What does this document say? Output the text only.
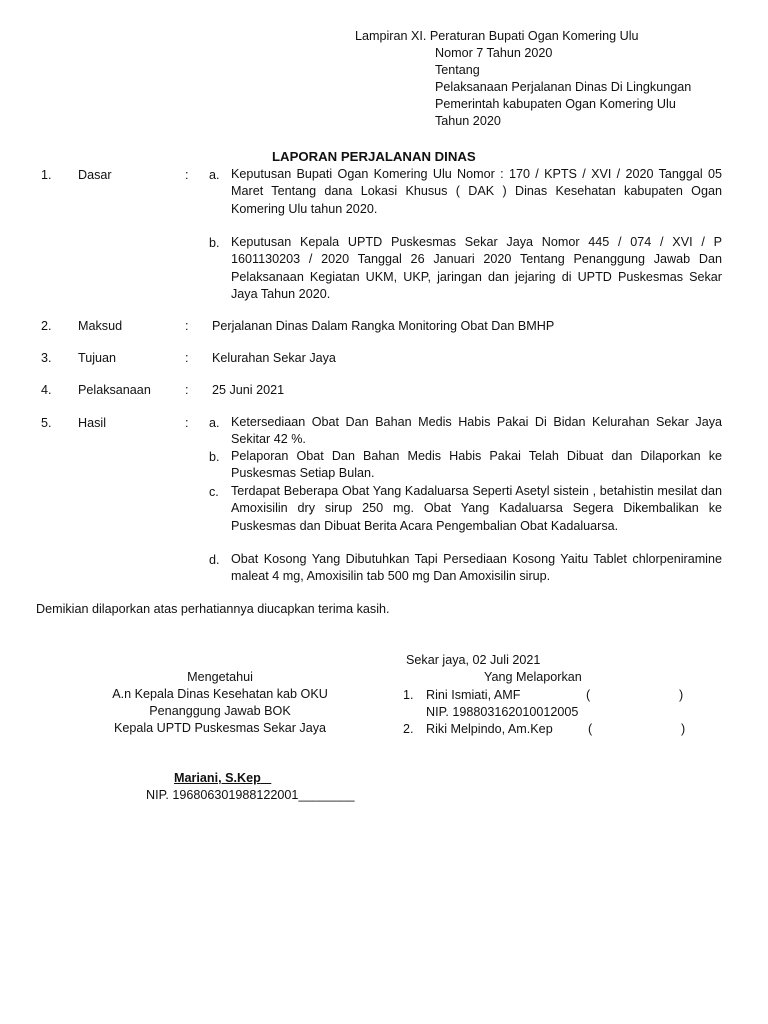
Lampiran XI. Peraturan Bupati Ogan Komering Ulu
Nomor 7 Tahun 2020
Tentang
Pelaksanaan Perjalanan Dinas Di Lingkungan
Pemerintah kabupaten Ogan Komering Ulu
Tahun 2020
LAPORAN PERJALANAN DINAS
1. Dasar	: a. Keputusan Bupati Ogan Komering Ulu Nomor : 170 / KPTS / XVI / 2020 Tanggal 05 Maret Tentang dana Lokasi Khusus ( DAK ) Dinas Kesehatan kabupaten Ogan Komering Ulu tahun 2020.
b. Keputusan Kepala UPTD Puskesmas Sekar Jaya Nomor 445 / 074 / XVI / P 1601130203 / 2020 Tanggal 26 Januari 2020 Tentang Penanggung Jawab Dan Pelaksanaan Kegiatan UKM, UKP, jaringan dan jejaring di UPTD Puskesmas Sekar Jaya Tahun 2020.
2. Maksud	: Perjalanan Dinas Dalam Rangka Monitoring Obat Dan BMHP
3. Tujuan	: Kelurahan Sekar Jaya
4. Pelaksanaan	: 25 Juni 2021
5. Hasil	: a. Ketersediaan Obat Dan Bahan Medis Habis Pakai Di Bidan Kelurahan Sekar Jaya Sekitar 42 %.
b. Pelaporan Obat Dan Bahan Medis Habis Pakai Telah Dibuat dan Dilaporkan ke Puskesmas Setiap Bulan.
c. Terdapat Beberapa Obat Yang Kadaluarsa Seperti Asetyl sistein , betahistin mesilat dan Amoxisilin dry sirup 250 mg. Obat Yang Kadaluarsa Segera Dikembalikan ke Puskesmas dan Dibuat Berita Acara Pengembalian Obat Kadaluarsa.
d. Obat Kosong Yang Dibutuhkan Tapi Persediaan Kosong Yaitu Tablet chlorpeniramine maleat 4 mg, Amoxisilin tab 500 mg Dan Amoxisilin sirup.
Demikian dilaporkan atas perhatiannya diucapkan terima kasih.
Sekar jaya, 02 Juli 2021
Yang Melaporkan
1. Rini Ismiati, AMF	(	)
NIP. 198803162010012005
2. Riki Melpindo, Am.Kep	(	)
Mengetahui
A.n Kepala Dinas Kesehatan kab OKU
Penanggung Jawab BOK
Kepala UPTD Puskesmas Sekar Jaya
Mariani, S.Kep
NIP. 196806301988122001________
